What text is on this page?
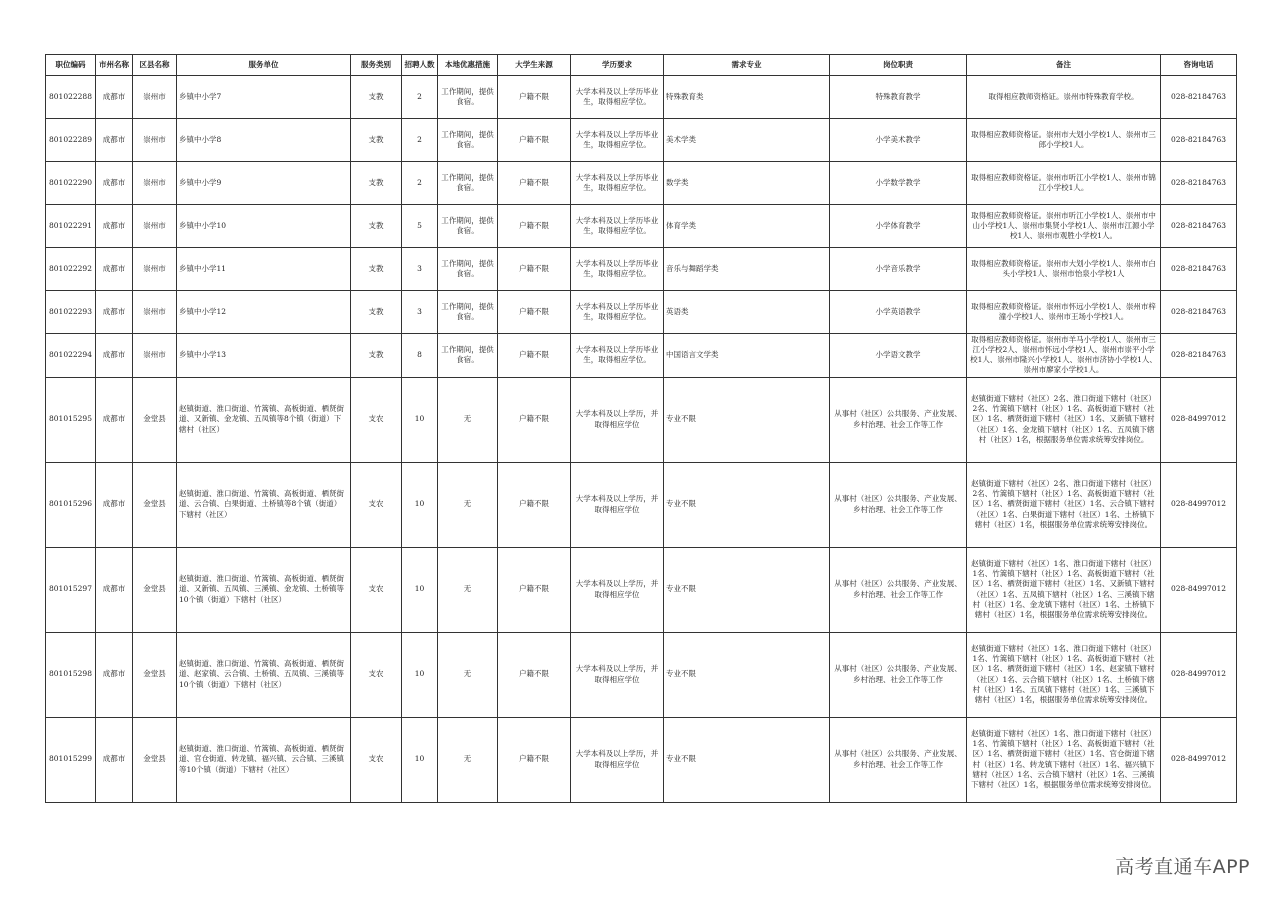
职位编码	市州名称	区县名称	服务单位	服务类别	招聘人数	本地优惠措施	大学生来源	学历要求	需求专业	岗位职责	备注	咨询电话
801022288	成都市	崇州市	乡镇中小学7	支教	2	工作期间，提供食宿。	户籍不限	大学本科及以上学历毕业生，取得相应学位。	特殊教育类	特殊教育教学	取得相应教师资格证。崇州市特殊教育学校。	028-82184763
801022289	成都市	崇州市	乡镇中小学8	支教	2	工作期间，提供食宿。	户籍不限	大学本科及以上学历毕业生，取得相应学位。	美术学类	小学美术教学	取得相应教师资格证。崇州市大划小学校1人、崇州市三郎小学校1人。	028-82184763
801022290	成都市	崇州市	乡镇中小学9	支教	2	工作期间，提供食宿。	户籍不限	大学本科及以上学历毕业生，取得相应学位。	数学类	小学数学教学	取得相应教师资格证。崇州市听江小学校1人、崇州市锦江小学校1人。	028-82184763
801022291	成都市	崇州市	乡镇中小学10	支教	5	工作期间，提供食宿。	户籍不限	大学本科及以上学历毕业生，取得相应学位。	体育学类	小学体育教学	取得相应教师资格证。崇州市听江小学校1人、崇州市中山小学校1人、崇州市集贤小学校1人、崇州市江源小学校1人、崇州市观胜小学校1人。	028-82184763
801022292	成都市	崇州市	乡镇中小学11	支教	3	工作期间，提供食宿。	户籍不限	大学本科及以上学历毕业生，取得相应学位。	音乐与舞蹈学类	小学音乐教学	取得相应教师资格证。崇州市大划小学校1人、崇州市白头小学校1人、崇州市怡泉小学校1人	028-82184763
801022293	成都市	崇州市	乡镇中小学12	支教	3	工作期间，提供食宿。	户籍不限	大学本科及以上学历毕业生，取得相应学位。	英语类	小学英语教学	取得相应教师资格证。崇州市怀远小学校1人、崇州市梓潼小学校1人、崇州市王场小学校1人。	028-82184763
801022294	成都市	崇州市	乡镇中小学13	支教	8	工作期间，提供食宿。	户籍不限	大学本科及以上学历毕业生，取得相应学位。	中国语言文学类	小学语文教学	取得相应教师资格证。崇州市羊马小学校1人、崇州市三江小学校2人、崇州市怀远小学校1人、崇州市崇平小学校1人、崇州市隆兴小学校1人、崇州市济协小学校1人、崇州市廖家小学校1人。	028-82184763
801015295	成都市	金堂县	赵镇街道、淮口街道、竹篙镇、高板街道、栖贤街道、又新镇、金龙镇、五凤镇等8个镇（街道）下辖村（社区）	支农	10	无	户籍不限	大学本科及以上学历，并取得相应学位	专业不限	从事村（社区）公共服务、产业发展、乡村治理、社会工作等工作	赵镇街道下辖村（社区）2名、淮口街道下辖村（社区）2名、竹篙镇下辖村（社区）1名、高板街道下辖村（社区）1名、栖贤街道下辖村（社区）1名、又新镇下辖村（社区）1名、金龙镇下辖村（社区）1名、五凤镇下辖村（社区）1名，根据服务单位需求统筹安排岗位。	028-84997012
801015296	成都市	金堂县	赵镇街道、淮口街道、竹篙镇、高板街道、栖贤街道、云合镇、白果街道、土桥镇等8个镇（街道）下辖村（社区）	支农	10	无	户籍不限	大学本科及以上学历，并取得相应学位	专业不限	从事村（社区）公共服务、产业发展、乡村治理、社会工作等工作	赵镇街道下辖村（社区）2名、淮口街道下辖村（社区）2名、竹篙镇下辖村（社区）1名、高板街道下辖村（社区）1名、栖贤街道下辖村（社区）1名、云合镇下辖村（社区）1名、白果街道下辖村（社区）1名、土桥镇下辖村（社区）1名，根据服务单位需求统筹安排岗位。	028-84997012
801015297	成都市	金堂县	赵镇街道、淮口街道、竹篙镇、高板街道、栖贤街道、又新镇、五凤镇、三溪镇、金龙镇、土桥镇等10个镇（街道）下辖村（社区）	支农	10	无	户籍不限	大学本科及以上学历，并取得相应学位	专业不限	从事村（社区）公共服务、产业发展、乡村治理、社会工作等工作	赵镇街道下辖村（社区）1名、淮口街道下辖村（社区）1名、竹篙镇下辖村（社区）1名、高板街道下辖村（社区）1名、栖贤街道下辖村（社区）1名、又新镇下辖村（社区）1名、五凤镇下辖村（社区）1名、三溪镇下辖村（社区）1名、金龙镇下辖村（社区）1名、土桥镇下辖村（社区）1名，根据服务单位需求统筹安排岗位。	028-84997012
801015298	成都市	金堂县	赵镇街道、淮口街道、竹篙镇、高板街道、栖贤街道、赵家镇、云合镇、土桥镇、五凤镇、三溪镇等10个镇（街道）下辖村（社区）	支农	10	无	户籍不限	大学本科及以上学历，并取得相应学位	专业不限	从事村（社区）公共服务、产业发展、乡村治理、社会工作等工作	赵镇街道下辖村（社区）1名、淮口街道下辖村（社区）1名、竹篙镇下辖村（社区）1名、高板街道下辖村（社区）1名、栖贤街道下辖村（社区）1名、赵家镇下辖村（社区）1名、云合镇下辖村（社区）1名、土桥镇下辖村（社区）1名、五凤镇下辖村（社区）1名、三溪镇下辖村（社区）1名，根据服务单位需求统筹安排岗位。	028-84997012
801015299	成都市	金堂县	赵镇街道、淮口街道、竹篙镇、高板街道、栖贤街道、官仓街道、转龙镇、福兴镇、云合镇、三溪镇等10个镇（街道）下辖村（社区）	支农	10	无	户籍不限	大学本科及以上学历，并取得相应学位	专业不限	从事村（社区）公共服务、产业发展、乡村治理、社会工作等工作	赵镇街道下辖村（社区）1名、淮口街道下辖村（社区）1名、竹篙镇下辖村（社区）1名、高板街道下辖村（社区）1名、栖贤街道下辖村（社区）1名、官仓街道下辖村（社区）1名、转龙镇下辖村（社区）1名、福兴镇下辖村（社区）1名、云合镇下辖村（社区）1名、三溪镇下辖村（社区）1名，根据服务单位需求统筹安排岗位。	028-84997012
高考直通车APP
